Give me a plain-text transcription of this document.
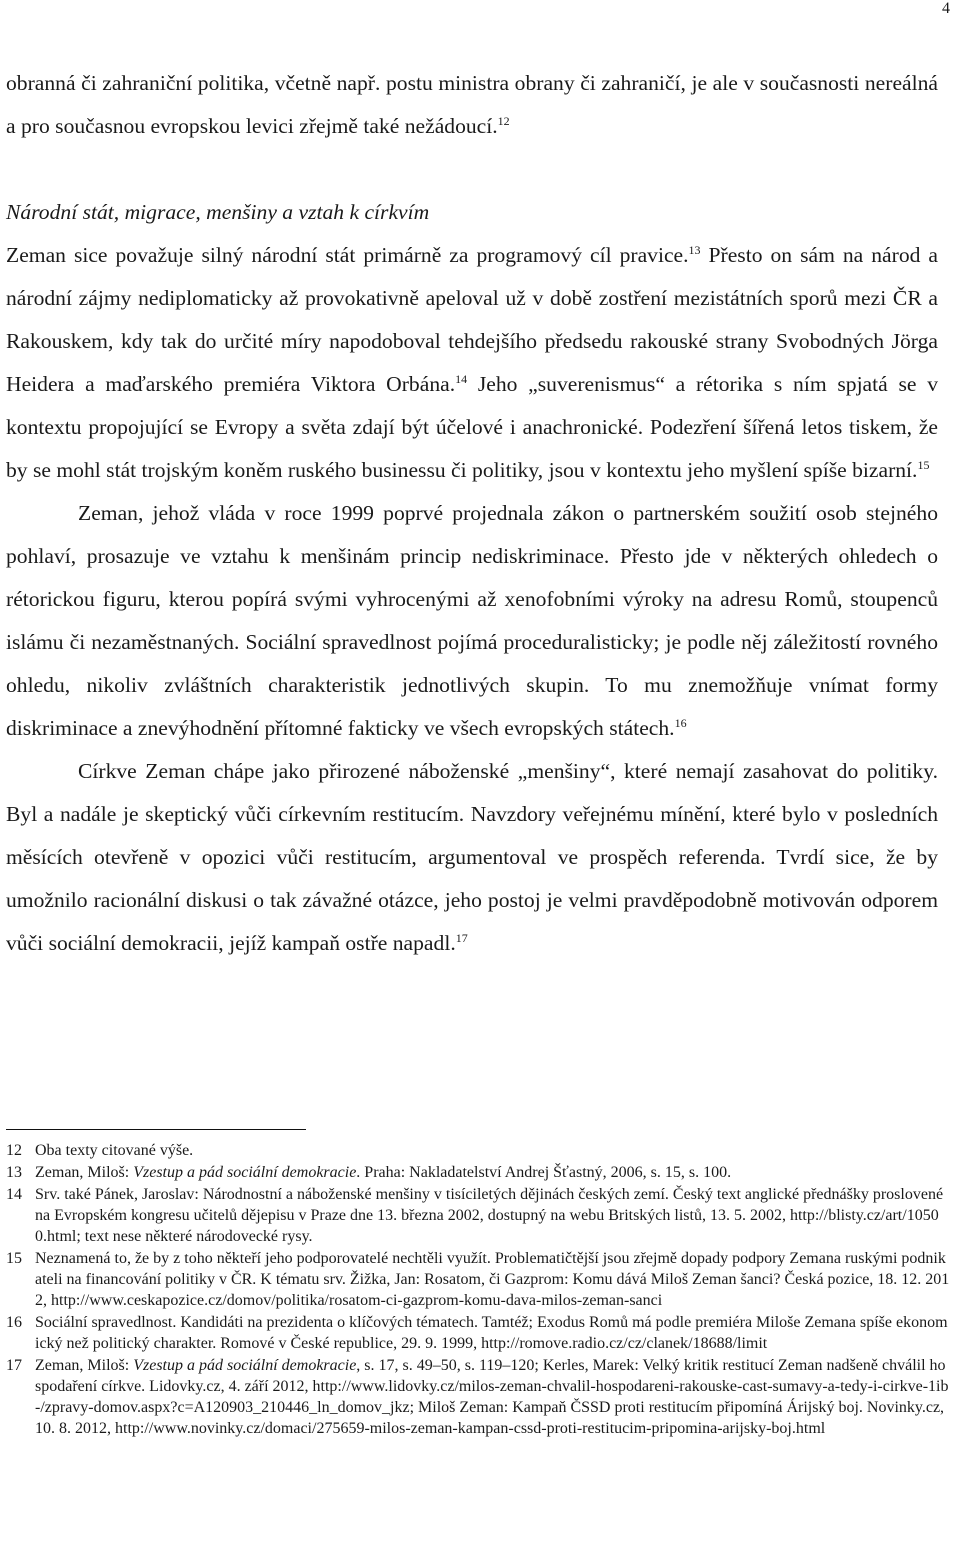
4

obranná či zahraniční politika, včetně např. postu ministra obrany či zahraničí, je ale v současnosti nereálná a pro současnou evropskou levici zřejmě také nežádoucí.$^{12}$

Národní stát, migrace, menšiny a vztah k církvím

Zeman sice považuje silný národní stát primárně za programový cíl pravice.$^{13}$ Přesto on sám na národ a národní zájmy nediplomaticky až provokativně apeloval už v době zostření mezistátních sporů mezi ČR a Rakouskem, kdy tak do určité míry napodoboval tehdejšího předsedu rakouské strany Svobodných Jörga Heidera a maďarského premiéra Viktora Orbána.$^{14}$ Jeho „suverenismus“ a rétorika s ním spjatá se v kontextu propojující se Evropy a světa zdají být účelové i anachronické. Podezření šířená letos tiskem, že by se mohl stát trojským koněm ruského businessu či politiky, jsou v kontextu jeho myšlení spíše bizarní.$^{15}$

Zeman, jehož vláda v roce 1999 poprvé projednala zákon o partnerském soužití osob stejného pohlaví, prosazuje ve vztahu k menšinám princip nediskriminace. Přesto jde v některých ohledech o rétorickou figuru, kterou popírá svými vyhrocenými až xenofobními výroky na adresu Romů, stoupenců islámu či nezaměstnaných. Sociální spravedlnost pojímá proceduralisticky; je podle něj záležitostí rovného ohledu, nikoliv zvláštních charakteristik jednotlivých skupin. To mu znemožňuje vnímat formy diskriminace a znevýhodnění přítomné fakticky ve všech evropských státech.$^{16}$

Církve Zeman chápe jako přirozené náboženské „menšiny“, které nemají zasahovat do politiky. Byl a nadále je skeptický vůči církevním restitucím. Navzdory veřejnému mínění, které bylo v posledních měsících otevřeně v opozici vůči restitucím, argumentoval ve prospěch referenda. Tvrdí sice, že by umožnilo racionální diskusi o tak závažné otázce, jeho postoj je velmi pravděpodobně motivován odporem vůči sociální demokracii, jejíž kampaň ostře napadl.$^{17}$

12 Oba texty citované výše.
13 Zeman, Miloš: Vzestup a pád sociální demokracie. Praha: Nakladatelství Andrej Šťastný, 2006, s. 15, s. 100.
14 Srv. také Pánek, Jaroslav: Národnostní a náboženské menšiny v tisíciletých dějinách českých zemí. Český text anglické přednášky proslovené na Evropském kongresu učitelů dějepisu v Praze dne 13. března 2002, dostupný na webu Britských listů, 13. 5. 2002, http://blisty.cz/art/10500.html; text nese některé národovecké rysy.
15 Neznamená to, že by z toho někteří jeho podporovatelé nechtěli využít. Problematičtější jsou zřejmě dopady podpory Zemana ruskými podnikateli na financování politiky v ČR. K tématu srv. Žižka, Jan: Rosatom, či Gazprom: Komu dává Miloš Zeman šanci? Česká pozice, 18. 12. 2012, http://www.ceskapozice.cz/domov/politika/rosatom-ci-gazprom-komu-dava-milos-zeman-sanci
16 Sociální spravedlnost. Kandidáti na prezidenta o klíčových tématech. Tamtéž; Exodus Romů má podle premiéra Miloše Zemana spíše ekonomický než politický charakter. Romové v České republice, 29. 9. 1999, http://romove.radio.cz/cz/clanek/18688/limit
17 Zeman, Miloš: Vzestup a pád sociální demokracie, s. 17, s. 49–50, s. 119–120; Kerles, Marek: Velký kritik restitucí Zeman nadšeně chválil hospodaření církve. Lidovky.cz, 4. září 2012, http://www.lidovky.cz/milos-zeman-chvalil-hospodareni-rakouske-cast-sumavy-a-tedy-i-cirkve-1ib-/zpravy-domov.aspx?c=A120903_210446_ln_domov_jkz; Miloš Zeman: Kampaň ČSSD proti restitucím připomíná Árijský boj. Novinky.cz, 10. 8. 2012, http://www.novinky.cz/domaci/275659-milos-zeman-kampan-cssd-proti-restitucim-pripomina-arijsky-boj.html
